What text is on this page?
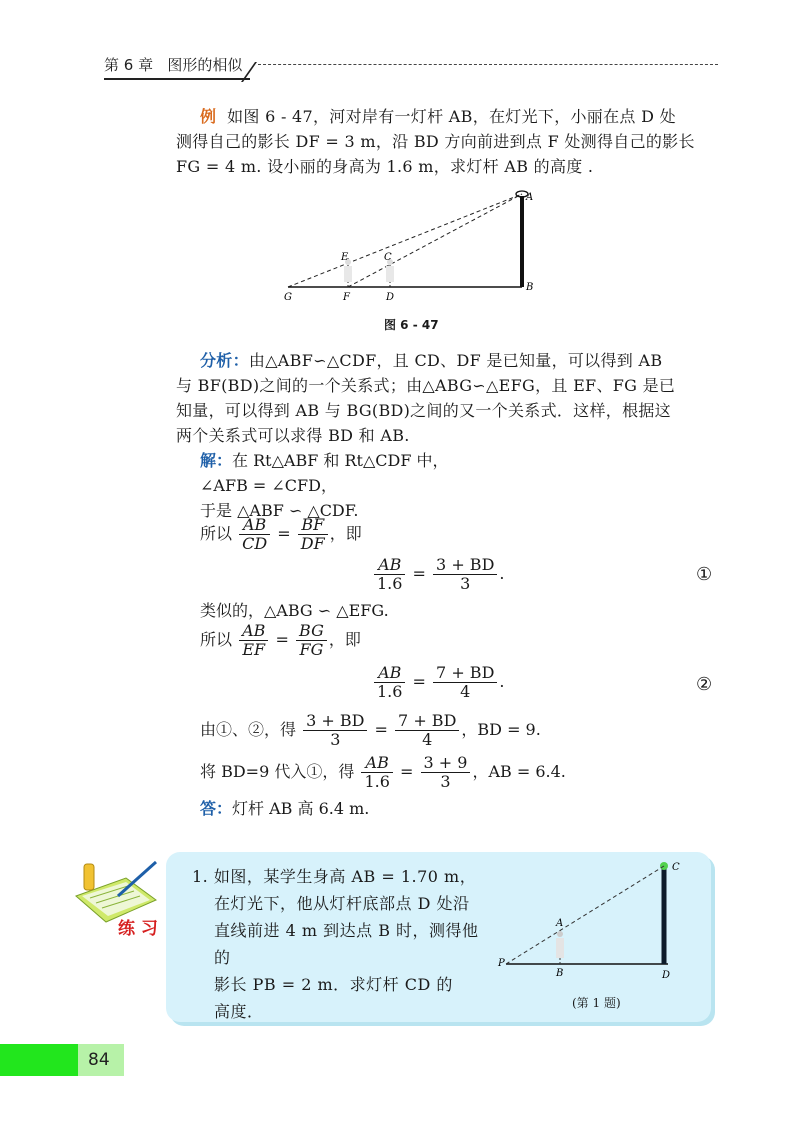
第 6 章 图形的相似
例 如图 6 - 47，河对岸有一灯杆 AB，在灯光下，小丽在点 D 处
测得自己的影长 DF = 3 m，沿 BD 方向前进到点 F 处测得自己的影长
FG = 4 m. 设小丽的身高为 1.6 m，求灯杆 AB 的高度 .
A
B
C
D
E
F
G
图 6 - 47
分析：由△ABF∽△CDF，且 CD、DF 是已知量，可以得到 AB
与 BF(BD)之间的一个关系式；由△ABG∽△EFG，且 EF、FG 是已
知量，可以得到 AB 与 BG(BD)之间的又一个关系式．这样，根据这
两个关系式可以求得 BD 和 AB.
解：在 Rt△ABF 和 Rt△CDF 中，
∠AFB = ∠CFD，
于是 △ABF ∽ △CDF.
所以 $\frac{AB}{CD} = \frac{BF}{DF}$ ，即
$\frac{AB}{1.6} = \frac{3 + BD}{3}$ .	①
类似的，△ABG ∽ △EFG.
所以 $\frac{AB}{EF} = \frac{BG}{FG}$ ，即
$\frac{AB}{1.6} = \frac{7 + BD}{4}$ .	②
由①、②，得 $\frac{3 + BD}{3} = \frac{7 + BD}{4}$ ，BD = 9.
将 BD=9 代入①，得 $\frac{AB}{1.6} = \frac{3 + 9}{3}$ ，AB = 6.4.
答：灯杆 AB 高 6.4 m.
练 习
1. 如图，某学生身高 AB = 1.70 m，
在灯光下，他从灯杆底部点 D 处沿
直线前进 4 m 到达点 B 时，测得他的
影长 PB = 2 m．求灯杆 CD 的
高度．
A
B
C
D
P
(第 1 题)
84
